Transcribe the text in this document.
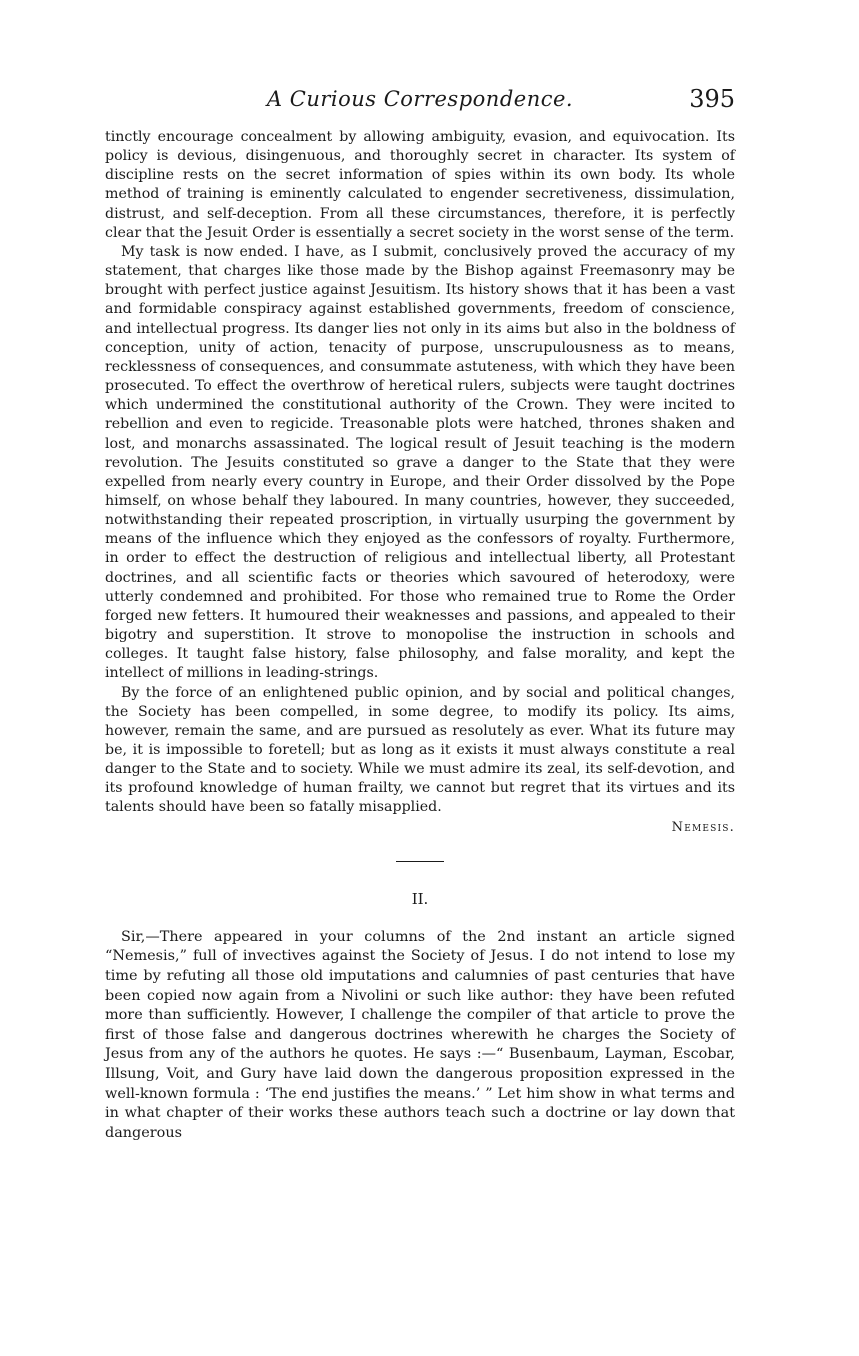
A Curious Correspondence.	395

tinctly encourage concealment by allowing ambiguity, evasion, and equivocation. Its policy is devious, disingenuous, and thoroughly secret in character. Its system of discipline rests on the secret information of spies within its own body. Its whole method of training is eminently calculated to engender secretiveness, dissimulation, distrust, and self-deception. From all these circumstances, therefore, it is perfectly clear that the Jesuit Order is essentially a secret society in the worst sense of the term.

My task is now ended. I have, as I submit, conclusively proved the accuracy of my statement, that charges like those made by the Bishop against Freemasonry may be brought with perfect justice against Jesuitism. Its history shows that it has been a vast and formidable conspiracy against established governments, freedom of conscience, and intellectual progress. Its danger lies not only in its aims but also in the boldness of conception, unity of action, tenacity of purpose, unscrupulousness as to means, recklessness of consequences, and consummate astuteness, with which they have been prosecuted. To effect the overthrow of heretical rulers, subjects were taught doctrines which undermined the constitutional authority of the Crown. They were incited to rebellion and even to regicide. Treasonable plots were hatched, thrones shaken and lost, and monarchs assassinated. The logical result of Jesuit teaching is the modern revolution. The Jesuits constituted so grave a danger to the State that they were expelled from nearly every country in Europe, and their Order dissolved by the Pope himself, on whose behalf they laboured. In many countries, however, they succeeded, notwithstanding their repeated proscription, in virtually usurping the government by means of the influence which they enjoyed as the confessors of royalty. Furthermore, in order to effect the destruction of religious and intellectual liberty, all Protestant doctrines, and all scientific facts or theories which savoured of heterodoxy, were utterly condemned and prohibited. For those who remained true to Rome the Order forged new fetters. It humoured their weaknesses and passions, and appealed to their bigotry and superstition. It strove to monopolise the instruction in schools and colleges. It taught false history, false philosophy, and false morality, and kept the intellect of millions in leading-strings.

By the force of an enlightened public opinion, and by social and political changes, the Society has been compelled, in some degree, to modify its policy. Its aims, however, remain the same, and are pursued as resolutely as ever. What its future may be, it is impossible to foretell; but as long as it exists it must always constitute a real danger to the State and to society. While we must admire its zeal, its self-devotion, and its profound knowledge of human frailty, we cannot but regret that its virtues and its talents should have been so fatally misapplied.

Nemesis.

II.

Sir,—There appeared in your columns of the 2nd instant an article signed “Nemesis,” full of invectives against the Society of Jesus. I do not intend to lose my time by refuting all those old imputations and calumnies of past centuries that have been copied now again from a Nivolini or such like author: they have been refuted more than sufficiently. However, I challenge the compiler of that article to prove the first of those false and dangerous doctrines wherewith he charges the Society of Jesus from any of the authors he quotes. He says :—“ Busenbaum, Layman, Escobar, Illsung, Voit, and Gury have laid down the dangerous proposition expressed in the well-known formula : ‘The end justifies the means.’ ” Let him show in what terms and in what chapter of their works these authors teach such a doctrine or lay down that dangerous
